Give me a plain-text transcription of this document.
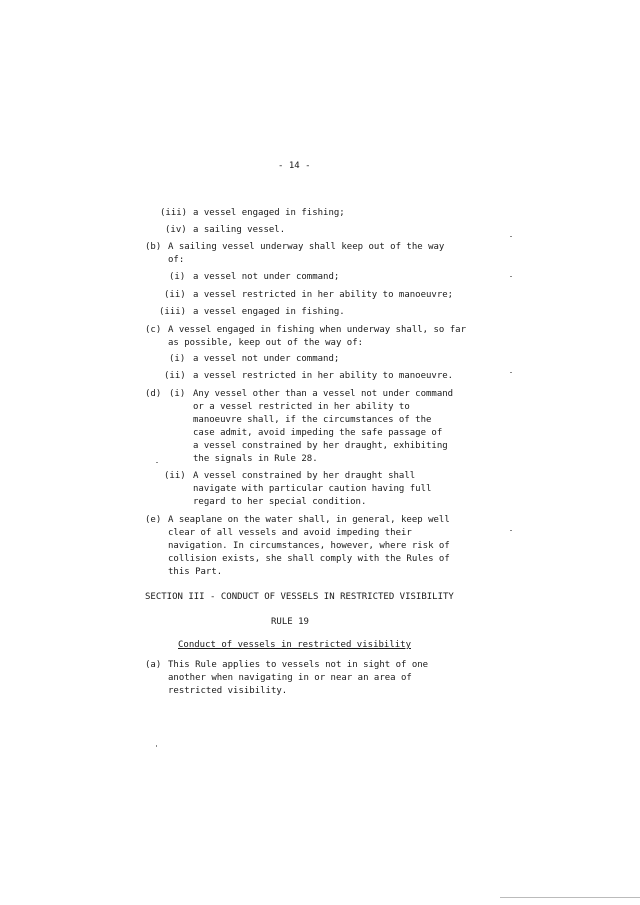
- 14 -
(iii) a vessel engaged in fishing;
(iv) a sailing vessel.
(b) A sailing vessel underway shall keep out of the way
of:
(i) a vessel not under command;
(ii) a vessel restricted in her ability to manoeuvre;
(iii) a vessel engaged in fishing.
(c) A vessel engaged in fishing when underway shall, so far
as possible, keep out of the way of:
(i) a vessel not under command;
(ii) a vessel restricted in her ability to manoeuvre.
(d) (i) Any vessel other than a vessel not under command
or a vessel restricted in her ability to
manoeuvre shall, if the circumstances of the
case admit, avoid impeding the safe passage of
a vessel constrained by her draught, exhibiting
the signals in Rule 28.
(ii) A vessel constrained by her draught shall
navigate with particular caution having full
regard to her special condition.
(e) A seaplane on the water shall, in general, keep well
clear of all vessels and avoid impeding their
navigation. In circumstances, however, where risk of
collision exists, she shall comply with the Rules of
this Part.
SECTION III - CONDUCT OF VESSELS IN RESTRICTED VISIBILITY
RULE 19
Conduct of vessels in restricted visibility
(a) This Rule applies to vessels not in sight of one
another when navigating in or near an area of
restricted visibility.
